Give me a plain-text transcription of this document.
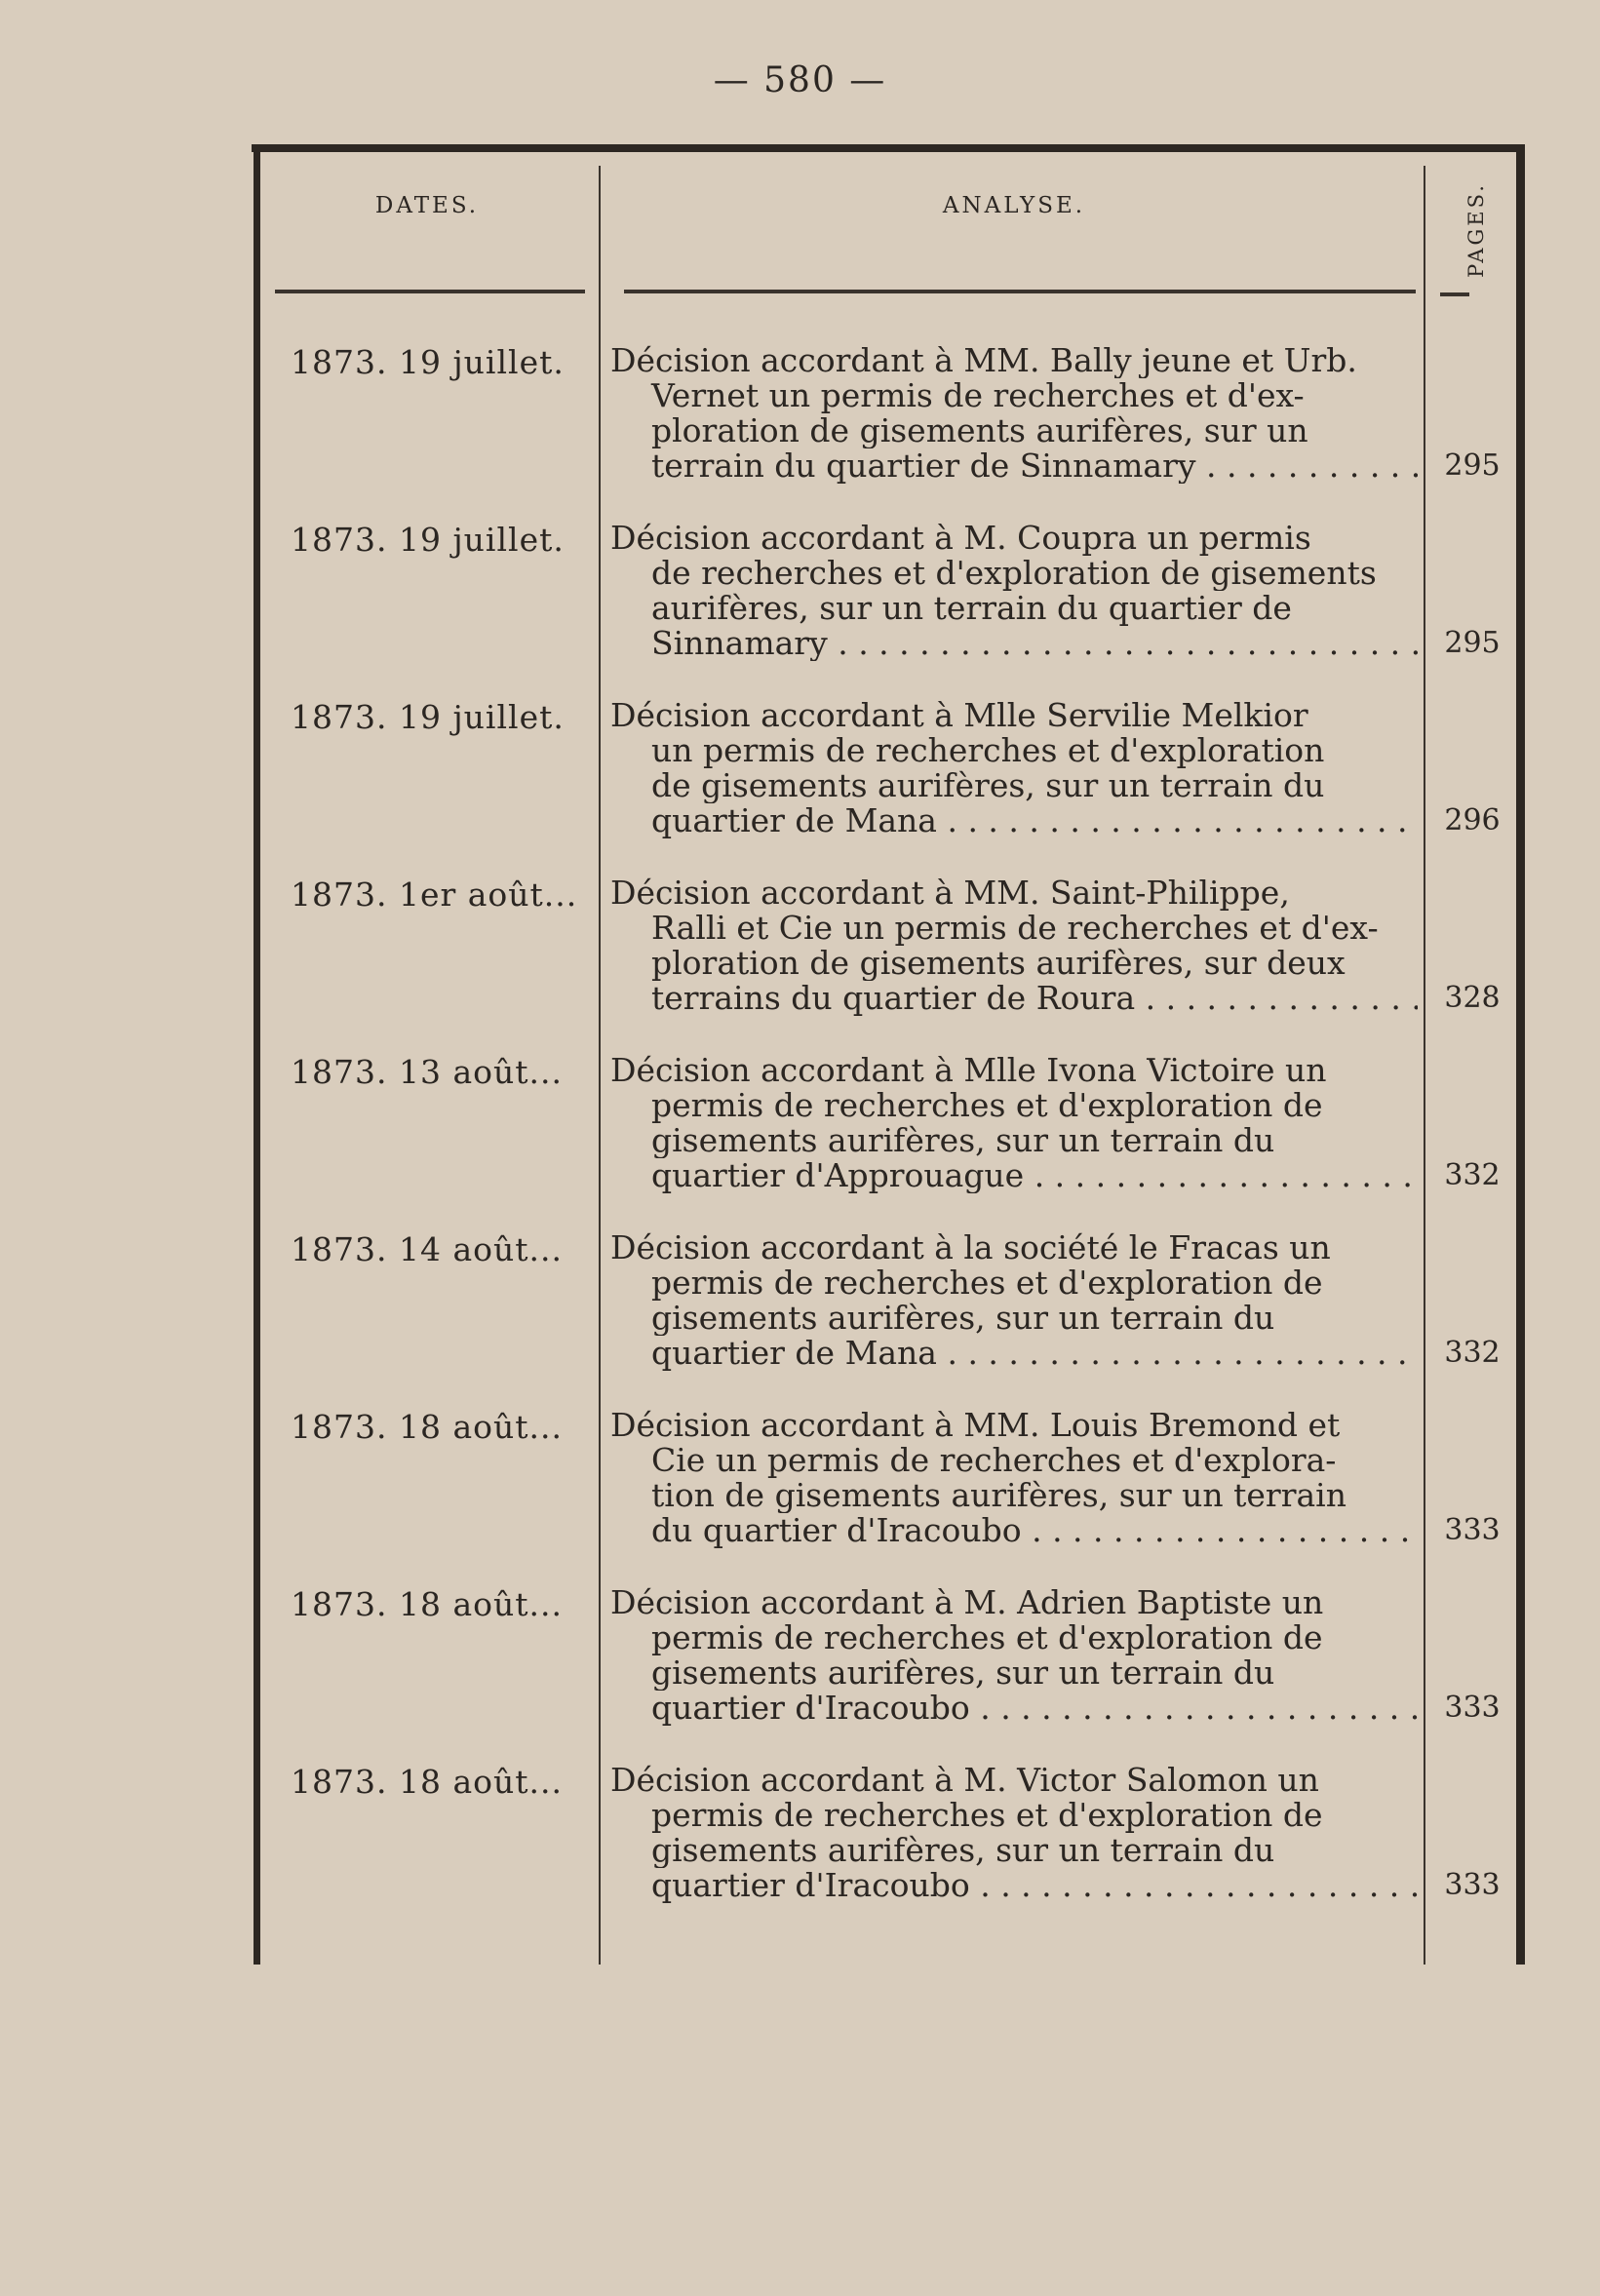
— 580 —
DATES.	ANALYSE.	PAGES.
1873. 19 juillet.	Décision accordant à MM. Bally jeune et Urb.
Vernet un permis de recherches et d'ex-
ploration de gisements aurifères, sur un
terrain du quartier de Sinnamary . . .	295
1873. 19 juillet.	Décision accordant à M. Coupra un permis
de recherches et d'exploration de gisements
aurifères, sur un terrain du quartier de
Sinnamary . . .	295
1873. 19 juillet.	Décision accordant à Mlle Servilie Melkior
un permis de recherches et d'exploration
de gisements aurifères, sur un terrain du
quartier de Mana . . .	296
1873. 1er août...	Décision accordant à MM. Saint-Philippe,
Ralli et Cie un permis de recherches et d'ex-
ploration de gisements aurifères, sur deux
terrains du quartier de Roura . . .	328
1873. 13 août...	Décision accordant à Mlle Ivona Victoire un
permis de recherches et d'exploration de
gisements aurifères, sur un terrain du
quartier d'Approuague . . .	332
1873. 14 août...	Décision accordant à la société le Fracas un
permis de recherches et d'exploration de
gisements aurifères, sur un terrain du
quartier de Mana . . .	332
1873. 18 août...	Décision accordant à MM. Louis Bremond et
Cie un permis de recherches et d'explora-
tion de gisements aurifères, sur un terrain
du quartier d'Iracoubo . . .	333
1873. 18 août...	Décision accordant à M. Adrien Baptiste un
permis de recherches et d'exploration de
gisements aurifères, sur un terrain du
quartier d'Iracoubo . . .	333
1873. 18 août...	Décision accordant à M. Victor Salomon un
permis de recherches et d'exploration de
gisements aurifères, sur un terrain du
quartier d'Iracoubo . . .	333
